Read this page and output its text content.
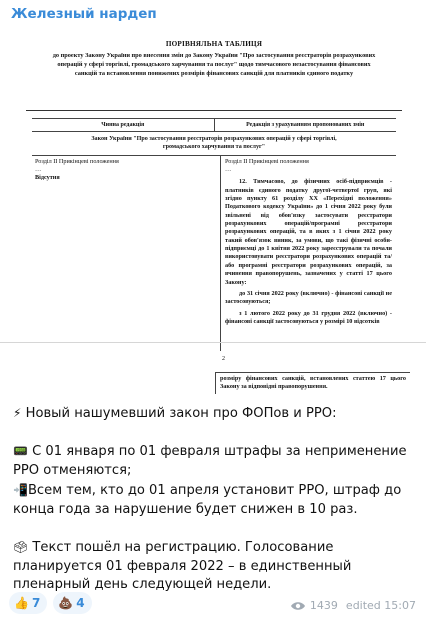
Железный нардеп
ПОРІВНЯЛЬНА ТАБЛИЦЯ
до проекту Закону України про внесення змін до Закону України "Про застосування реєстраторів розрахункових
операцій у сфері торгівлі, громадського харчування та послуг" щодо тимчасового незастосування фінансових
санкцій та встановлення понижених розмірів фінансових санкцій для платників єдиного податку
Чинна редакція	Редакція з урахуванням пропонованих змін
Закон України "Про застосування реєстраторів розрахункових операцій у сфері торгівлі,
громадського харчування та послуг"
Розділ ІІ Прикінцеві положення
…
Відсутня
Розділ ІІ Прикінцеві положення
…
12. Тимчасово, до фізичних осіб-підприємців - платників єдиного податку другої-четвертої груп, які згідно пункту 61 розділу XX «Перехідні положення» Податкового кодексу України» до 1 січня 2022 року були звільнені від обов'язку застосувати реєстратори розрахункових операцій/програмні реєстратори розрахункових операцій, та в яких з 1 січня 2022 року такий обов'язок виник, за умови, що такі фізичні особи-підприємці до 1 квітня 2022 року зареєстрували та почали використовувати реєстратори розрахункових операцій та/або програмні реєстратори розрахункових операцій, за вчинення правопорушень, зазначених у статті 17 цього Закону:
до 31 січня 2022 року (включно) - фінансові санкції не застосовуються;
з 1 лютого 2022 року до 31 грудня 2022 (включно) - фінансові санкції застосовуються у розмірі 10 відсотків
2
розміру фінансових санкцій, встановлених статтею 17 цього Закону за відповідні правопорушення.

⚡ Новый нашумевший закон про ФОПов и РРО:

📟 С 01 января по 01 февраля штрафы за неприменение РРО отменяются;

📲Всем тем, кто до 01 апреля установит РРО, штраф до конца года за нарушение будет снижен в 10 раз.

🗳 Текст пошёл на регистрацию. Голосование планируется 01 февраля 2022 – в единственный пленарный день следующей недели.

👍 7 💩 4	1439 edited 15:07
